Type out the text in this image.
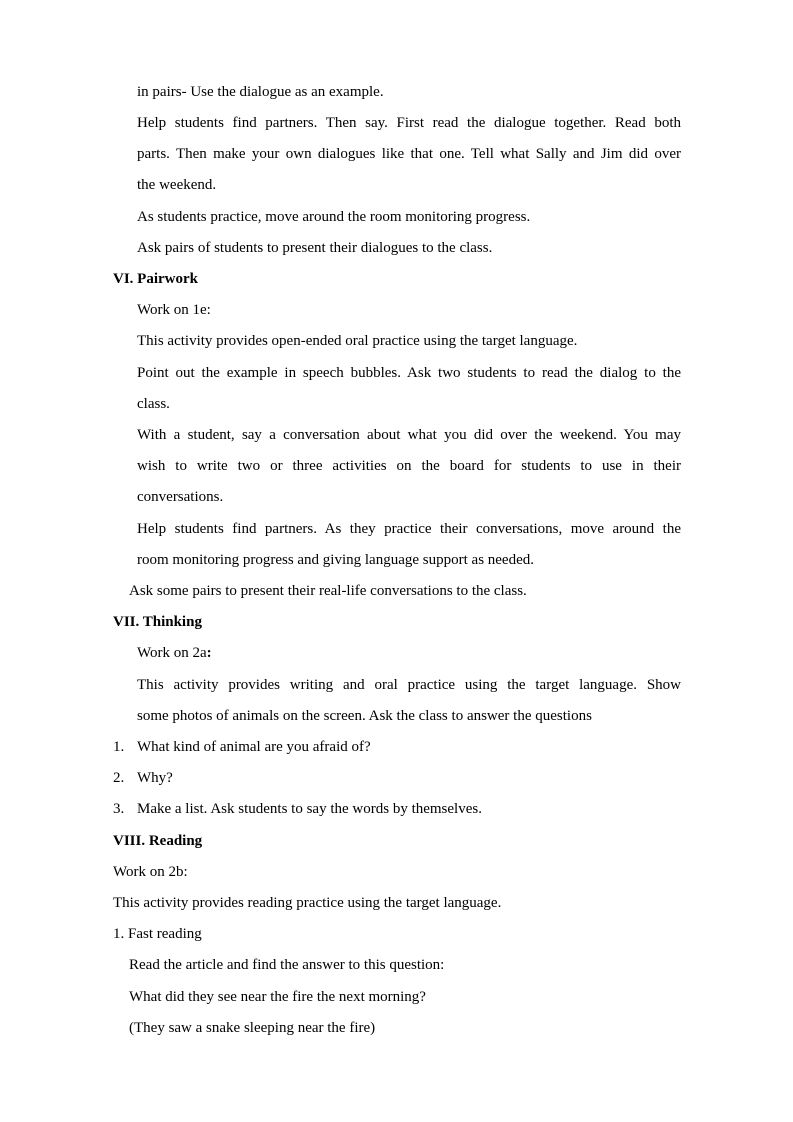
in pairs- Use the dialogue as an example.
Help students find partners. Then say. First read the dialogue together. Read both
parts. Then make your own dialogues like that one. Tell what Sally and Jim did over
the weekend.
As students practice, move around the room monitoring progress.
Ask pairs of students to present their dialogues to the class.
VI. Pairwork
Work on 1e:
This activity provides open-ended oral practice using the target language.
Point out the example in speech bubbles. Ask two students to read the dialog to the
class.
With a student, say a conversation about what you did over the weekend. You may
wish to write two or three activities on the board for students to use in their
conversations.
Help students find partners. As they practice their conversations, move around the
room monitoring progress and giving language support as needed.
Ask some pairs to present their real-life conversations to the class.
VII. Thinking
Work on 2a:
This activity provides writing and oral practice using the target language. Show
some photos of animals on the screen. Ask the class to answer the questions
1. What kind of animal are you afraid of?
2. Why?
3. Make a list. Ask students to say the words by themselves.
VIII. Reading
Work on 2b:
This activity provides reading practice using the target language.
1. Fast reading
Read the article and find the answer to this question:
What did they see near the fire the next morning?
(They saw a snake sleeping near the fire)
